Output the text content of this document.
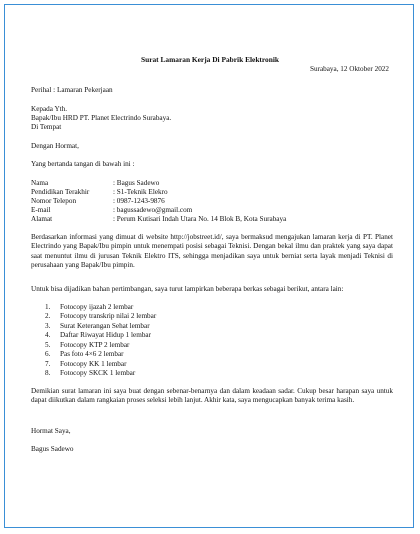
Surat Lamaran Kerja Di Pabrik Elektronik
Surabaya, 12 Oktober 2022
Perihal : Lamaran Pekerjaan
Kepada Yth.
Bapak/Ibu HRD PT. Planet Electrindo Surabaya.
Di Tempat
Dengan Hormat,
Yang bertanda tangan di bawah ini :
Nama	: Bagus Sadewo
Pendidikan Terakhir	: S1-Teknik Elekro
Nomor Telepon	: 0987-1243-9876
E-mail	: bagussadewo@gmail.com
Alamat	: Perum Kutisari Indah Utara No. 14 Blok B, Kota Surabaya
Berdasarkan informasi yang dimuat di website http://jobstreet.id/, saya bermaksud mengajukan lamaran kerja di PT. Planet Electrindo yang Bapak/Ibu pimpin untuk menempati posisi sebagai Teknisi. Dengan bekal ilmu dan praktek yang saya dapat saat menuntut ilmu di jurusan Teknik Elektro ITS, sehingga menjadikan saya untuk berniat serta layak menjadi Teknisi di perusahaan yang Bapak/Ibu pimpin.
Untuk bisa dijadikan bahan pertimbangan, saya turut lampirkan beberapa berkas sebagai berikut, antara lain:
1. Fotocopy ijazah 2 lembar
2. Fotocopy transkrip nilai 2 lembar
3. Surat Keterangan Sehat lembar
4. Daftar Riwayat Hidup 1 lembar
5. Fotocopy KTP 2 lembar
6. Pas foto 4×6 2 lembar
7. Fotocopy KK 1 lembar
8. Fotocopy SKCK 1 lembar
Demikian surat lamaran ini saya buat dengan sebenar-benarnya dan dalam keadaan sadar. Cukup besar harapan saya untuk dapat diikutkan dalam rangkaian proses seleksi lebih lanjut. Akhir kata, saya mengucapkan banyak terima kasih.
Hormat Saya,
Bagus Sadewo
